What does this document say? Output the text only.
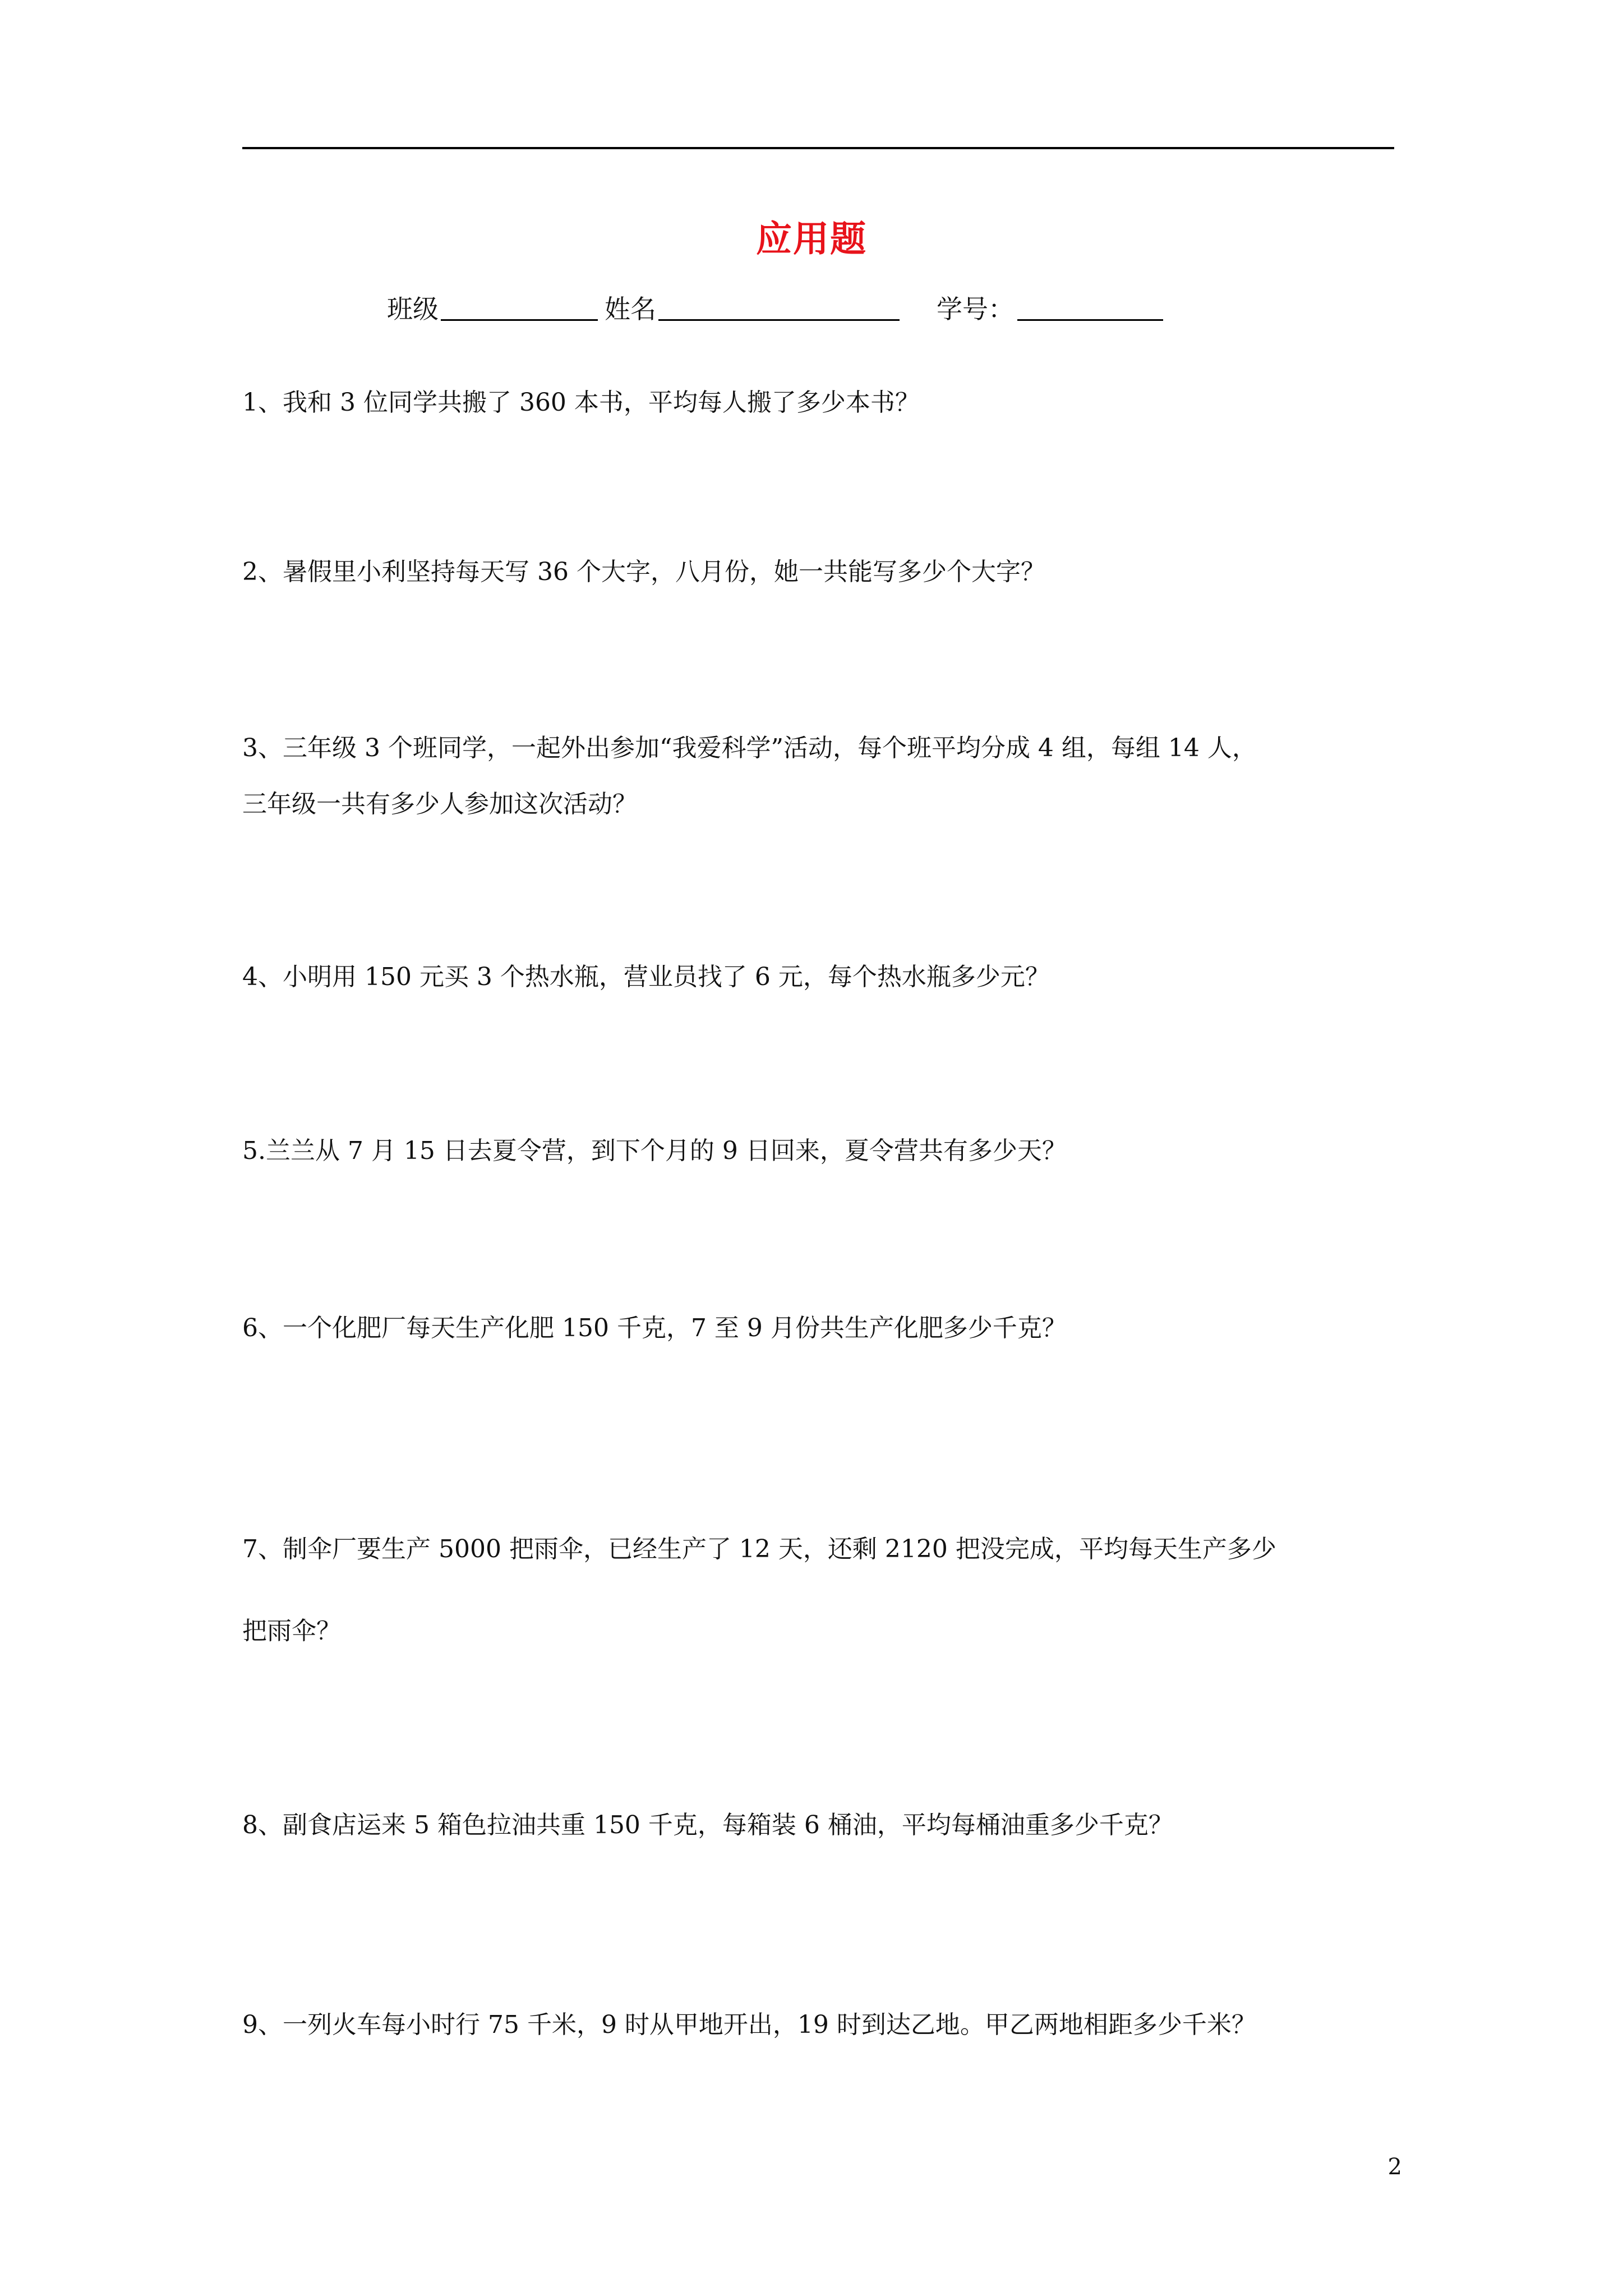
应用题
班级	姓名	学号：
1、我和 3 位同学共搬了 360 本书，平均每人搬了多少本书？
2、暑假里小利坚持每天写 36 个大字，八月份，她一共能写多少个大字？
3、三年级 3 个班同学，一起外出参加“我爱科学”活动，每个班平均分成 4 组，每组 14 人，
三年级一共有多少人参加这次活动？
4、小明用 150 元买 3 个热水瓶，营业员找了 6 元，每个热水瓶多少元？
5.兰兰从 7 月 15 日去夏令营，到下个月的 9 日回来，夏令营共有多少天？
6、一个化肥厂每天生产化肥 150 千克，7 至 9 月份共生产化肥多少千克？
7、制伞厂要生产 5000 把雨伞，已经生产了 12 天，还剩 2120 把没完成，平均每天生产多少
把雨伞？
8、副食店运来 5 箱色拉油共重 150 千克，每箱装 6 桶油，平均每桶油重多少千克？
9、一列火车每小时行 75 千米，9 时从甲地开出，19 时到达乙地。甲乙两地相距多少千米？
2
